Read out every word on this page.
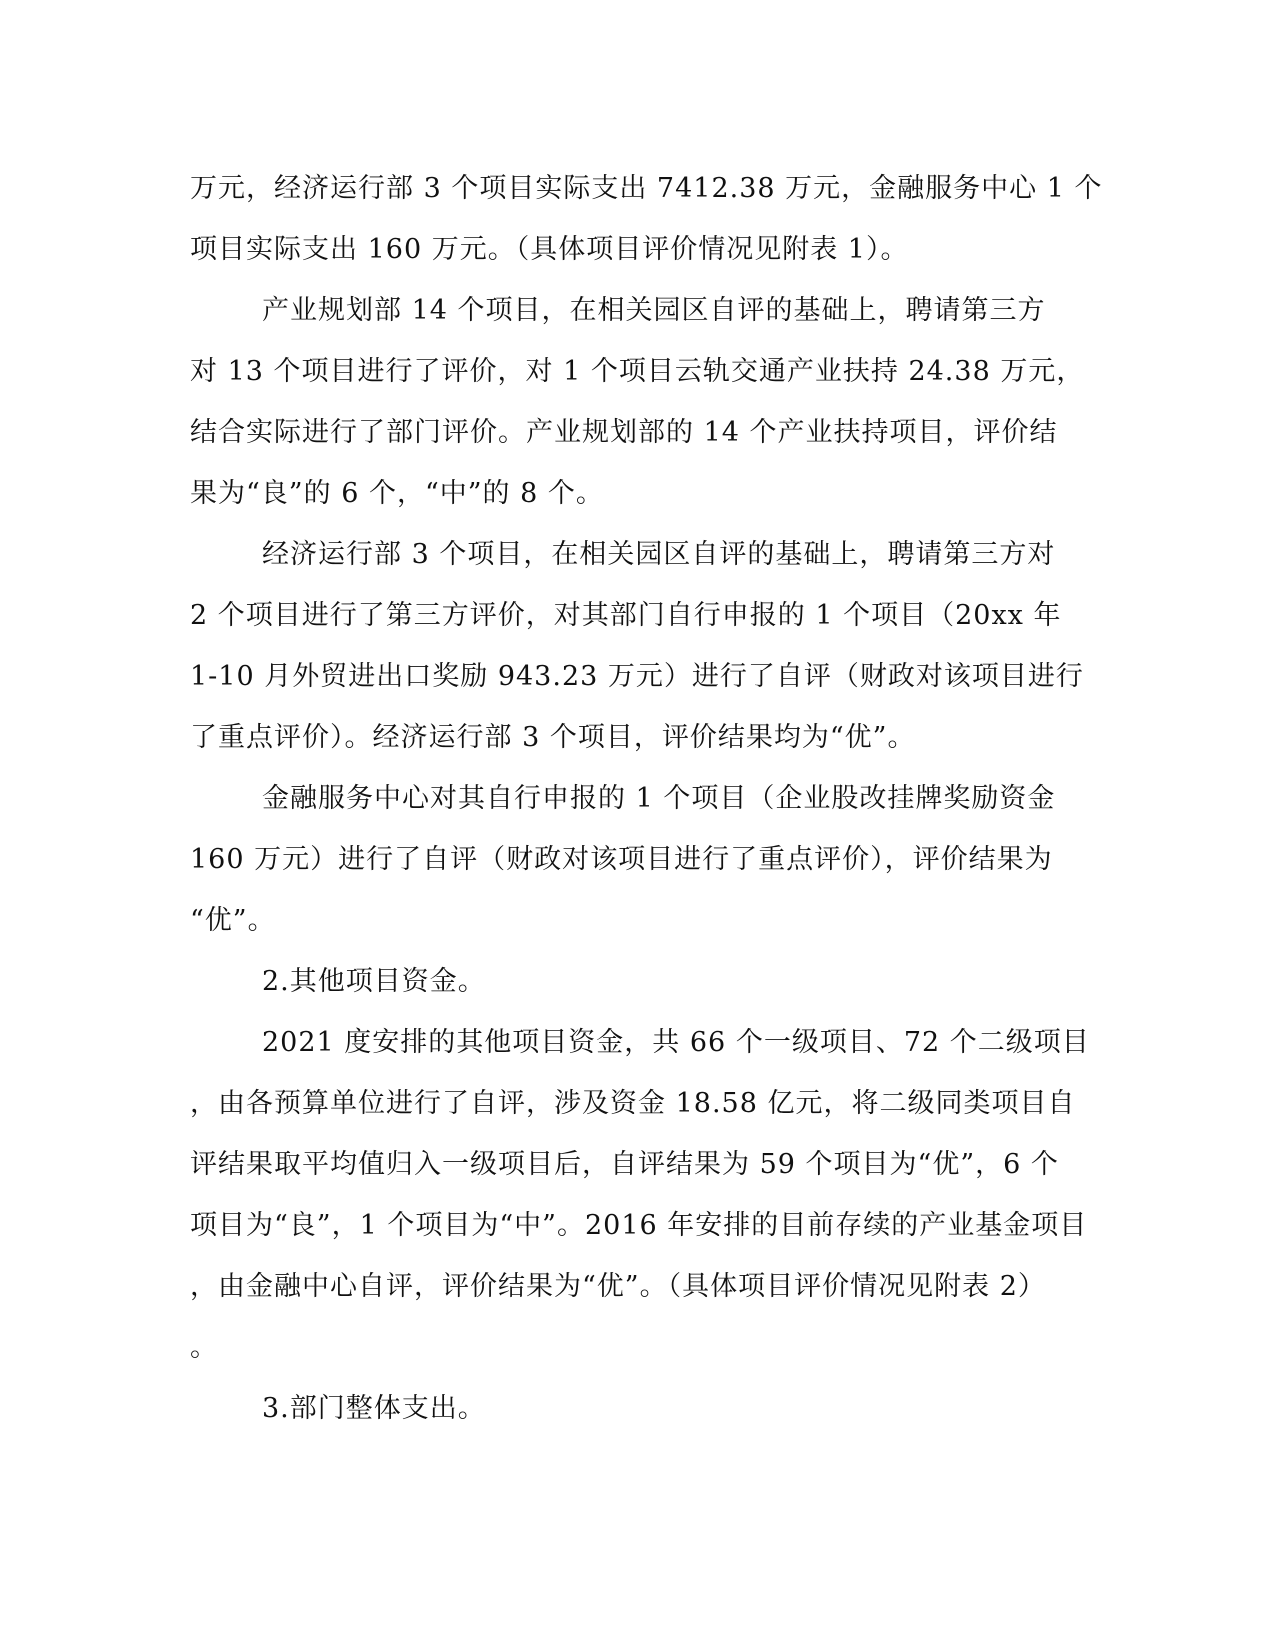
万元，经济运行部 3 个项目实际支出 7412.38 万元，金融服务中心 1 个
项目实际支出 160 万元。（具体项目评价情况见附表 1）。
产业规划部 14 个项目，在相关园区自评的基础上，聘请第三方
对 13 个项目进行了评价，对 1 个项目云轨交通产业扶持 24.38 万元，
结合实际进行了部门评价。产业规划部的 14 个产业扶持项目，评价结
果为“良”的 6 个，“中”的 8 个。
经济运行部 3 个项目，在相关园区自评的基础上，聘请第三方对
2 个项目进行了第三方评价，对其部门自行申报的 1 个项目（20xx 年
1-10 月外贸进出口奖励 943.23 万元）进行了自评（财政对该项目进行
了重点评价）。经济运行部 3 个项目，评价结果均为“优”。
金融服务中心对其自行申报的 1 个项目（企业股改挂牌奖励资金
160 万元）进行了自评（财政对该项目进行了重点评价），评价结果为
“优”。
2.其他项目资金。
2021 度安排的其他项目资金，共 66 个一级项目、72 个二级项目
，由各预算单位进行了自评，涉及资金 18.58 亿元，将二级同类项目自
评结果取平均值归入一级项目后，自评结果为 59 个项目为“优”，6 个
项目为“良”，1 个项目为“中”。2016 年安排的目前存续的产业基金项目
，由金融中心自评，评价结果为“优”。（具体项目评价情况见附表 2）
。
3.部门整体支出。
